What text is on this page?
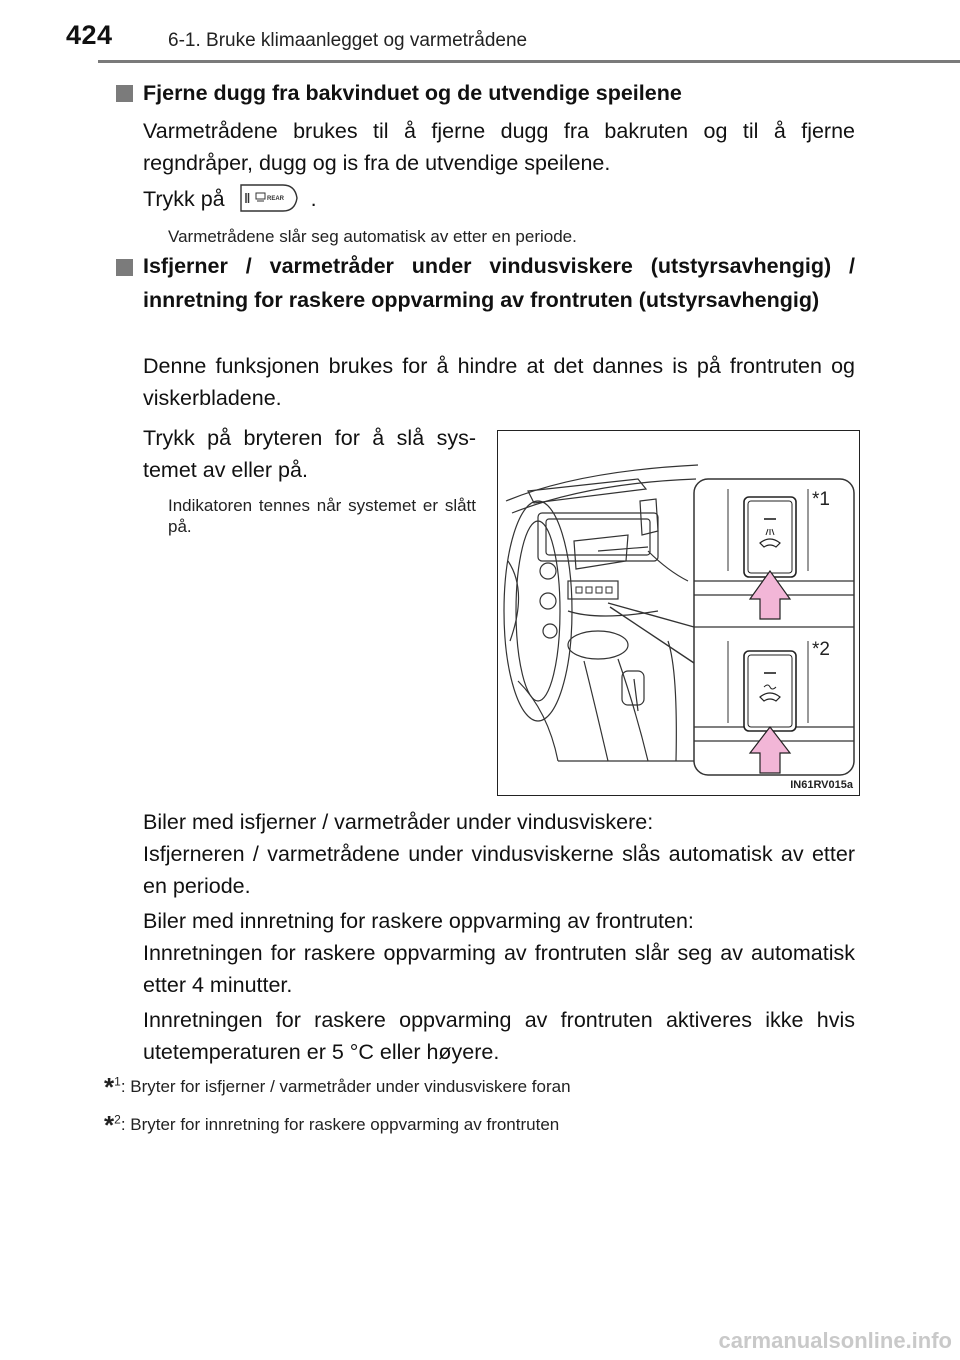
424	6-1. Bruke klimaanlegget og varmetrådene
Fjerne dugg fra bakvinduet og de utvendige speilene
Varmetrådene brukes til å fjerne dugg fra bakruten og til å fjerne regndråper, dugg og is fra de utvendige speilene.
Trykk på	REAR .
Varmetrådene slår seg automatisk av etter en periode.
Isfjerner / varmetråder under vindusviskere (utstyrsavhengig) / innretning for raskere oppvarming av frontruten (utstyrsavhengig)
Denne funksjonen brukes for å hindre at det dannes is på frontruten og viskerbladene.
Trykk på bryteren for å slå systemet av eller på.
Indikatoren tennes når systemet er slått på.
*1
*2
IN61RV015a
Biler med isfjerner / varmetråder under vindusviskere:
Isfjerneren / varmetrådene under vindusviskerne slås automatisk av etter en periode.
Biler med innretning for raskere oppvarming av frontruten:
Innretningen for raskere oppvarming av frontruten slår seg av automatisk etter 4 minutter.
Innretningen for raskere oppvarming av frontruten aktiveres ikke hvis utetemperaturen er 5 °C eller høyere.
*$^1$: Bryter for isfjerner / varmetråder under vindusviskere foran
*$^2$: Bryter for innretning for raskere oppvarming av frontruten
carmanualsonline.info
